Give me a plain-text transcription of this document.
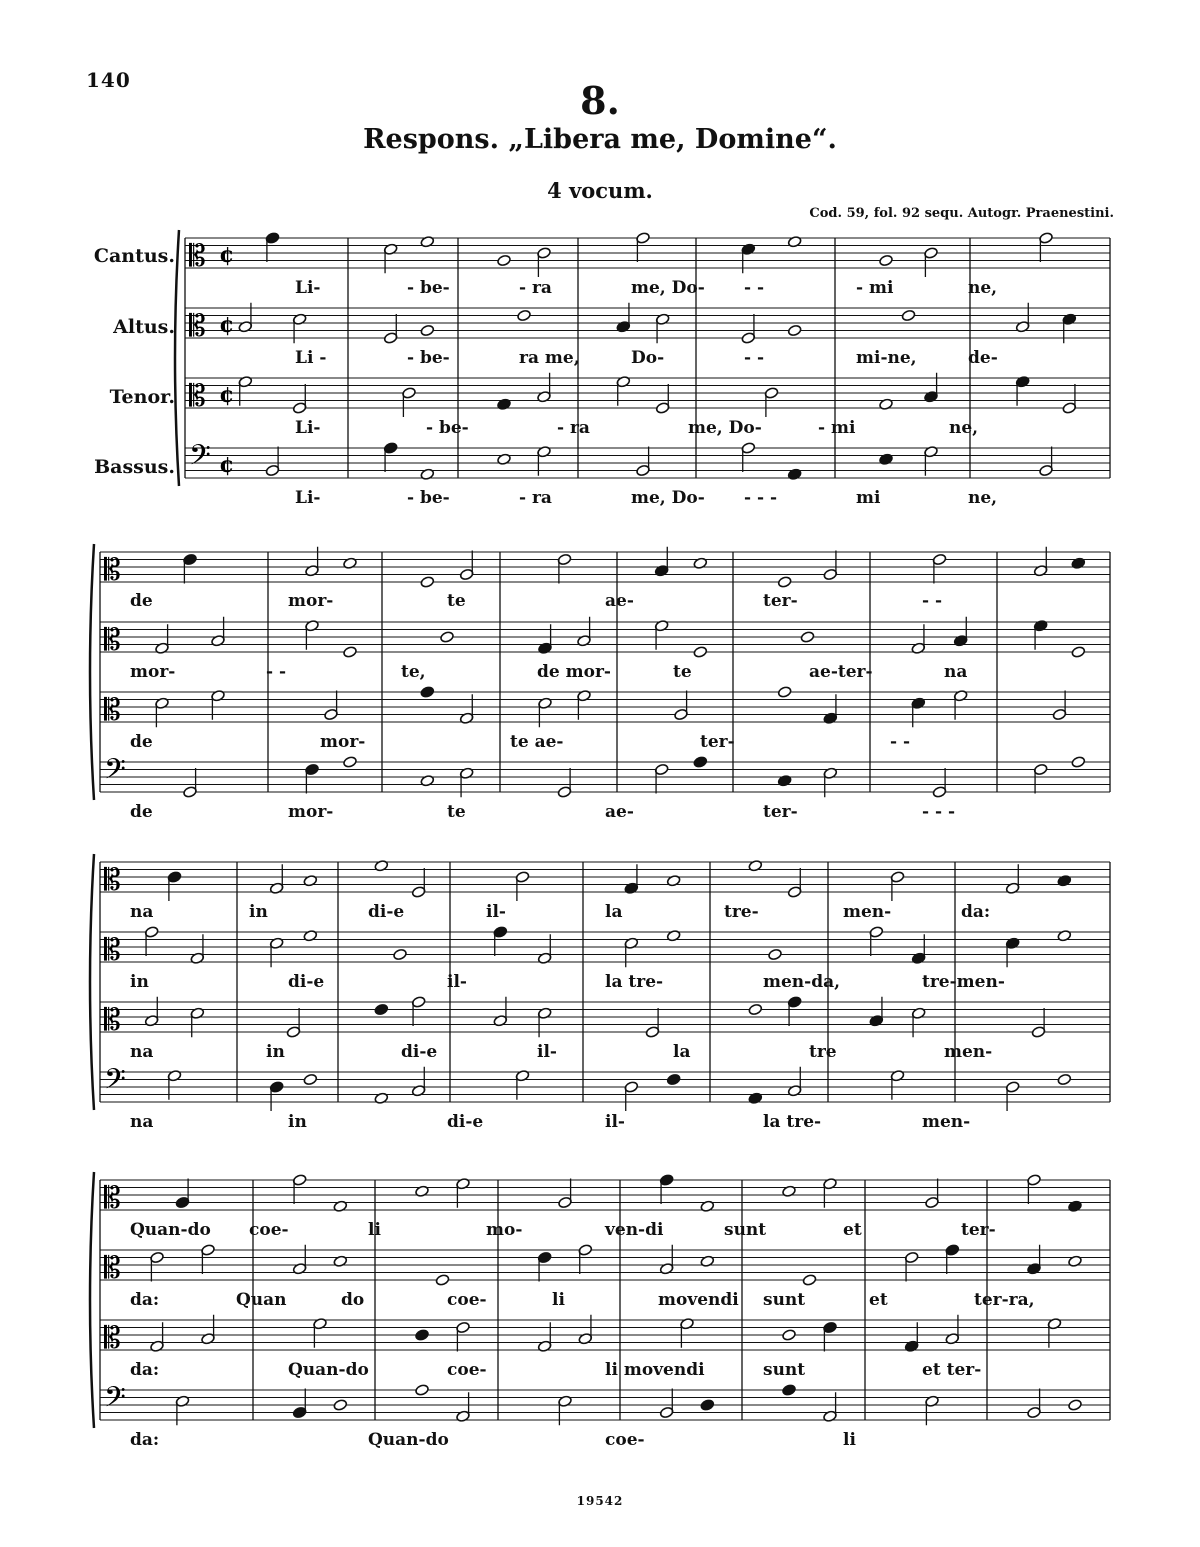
140	8.
Respons. „Libera me, Domine“.
4 vocum.
Cod. 59, fol. 92 sequ. Autogr. Praenestini.
Cantus.
Altus.
Tenor.
Bassus.
𝄡 ¢
𝄡 ¢
𝄡 ¢
𝄢 ¢
𝄡
𝄡
𝄡
𝄢
𝄡
𝄡
𝄡
𝄢
𝄡
𝄡
𝄡
𝄢
Li-	- be-	- ra	me, Do- - -	- mi	ne,
Li -	- be-	ra me,	Do-	- -	mi-ne,	de-
Li-	- be-	- ra	me, Do-	- mi	ne,
Li-	- be-	- ra	me, Do- - - -	mi	ne,
de	mor-	te	ae-	ter-	- -
mor-	- -	te,	de mor-	te	ae-ter-	na
de	mor-	te ae-	ter-	- -
de	mor-	te	ae-	ter-	- - -
na	in	di-e	il-	la	tre-	men-	da:
in	di-e	il-	la tre-	men-da,	tre-men-
na	in	di-e	il-	la	tre	men-
na	in	di-e	il-	la tre-	men-
Quan-do coe-	li	mo-	ven-di	sunt	et	ter-
da:	Quan	do	coe-	li	movendi sunt	et	ter-ra,
da:	Quan-do	coe-	li movendi	sunt	et ter-
da:	Quan-do	coe-	li
19542
